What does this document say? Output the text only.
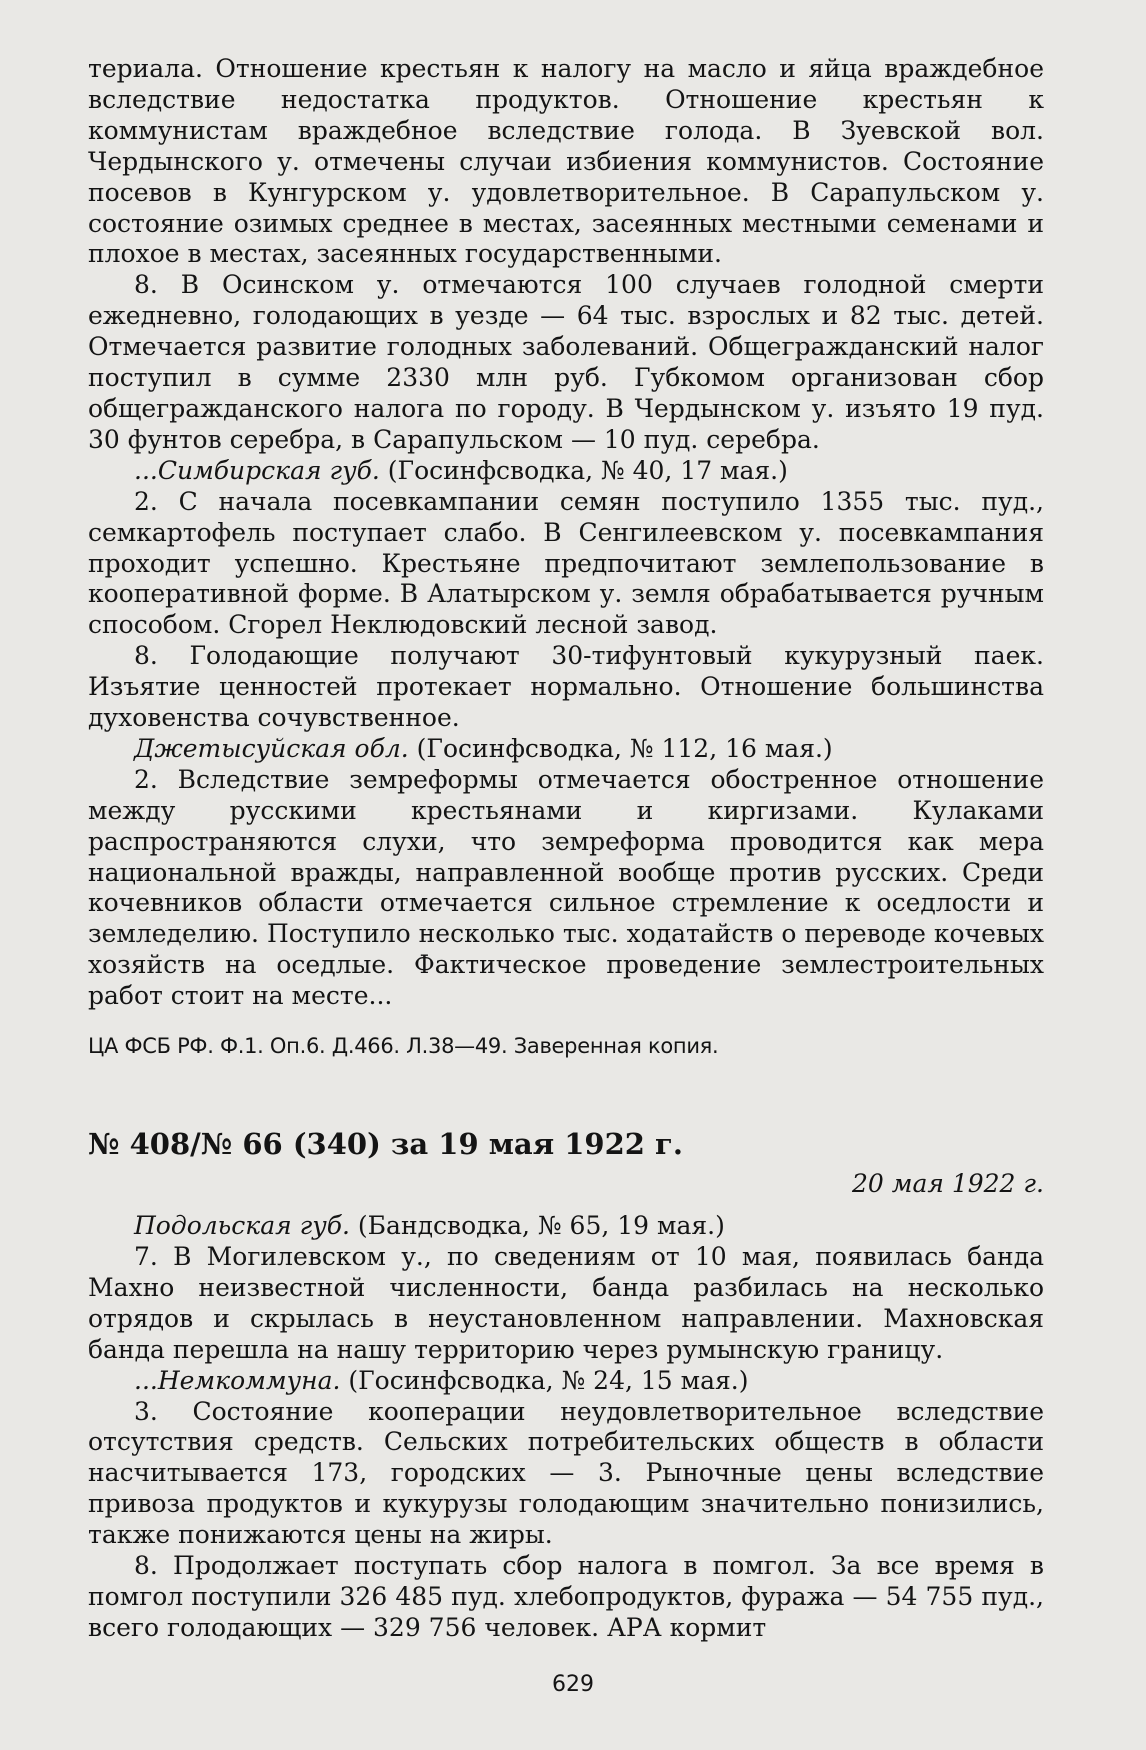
териала. Отношение крестьян к налогу на масло и яйца враждебное вследствие недостатка продуктов. Отношение крестьян к коммунистам враждебное вследствие голода. В Зуевской вол. Чердынского у. отмечены случаи избиения коммунистов. Состояние посевов в Кунгурском у. удовлетворительное. В Сарапульском у. состояние озимых среднее в местах, засеянных местными семенами и плохое в местах, засеянных государственными.

8. В Осинском у. отмечаются 100 случаев голодной смерти ежедневно, голодающих в уезде — 64 тыс. взрослых и 82 тыс. детей. Отмечается развитие голодных заболеваний. Общегражданский налог поступил в сумме 2330 млн руб. Губкомом организован сбор общегражданского налога по городу. В Чердынском у. изъято 19 пуд. 30 фунтов серебра, в Сарапульском — 10 пуд. серебра.

...Симбирская губ. (Госинфсводка, № 40, 17 мая.)

2. С начала посевкампании семян поступило 1355 тыс. пуд., семкартофель поступает слабо. В Сенгилеевском у. посевкампания проходит успешно. Крестьяне предпочитают землепользование в кооперативной форме. В Алатырском у. земля обрабатывается ручным способом. Сгорел Неклюдовский лесной завод.

8. Голодающие получают 30-тифунтовый кукурузный паек. Изъятие ценностей протекает нормально. Отношение большинства духовенства сочувственное.

Джетысуйская обл. (Госинфсводка, № 112, 16 мая.)

2. Вследствие земреформы отмечается обостренное отношение между русскими крестьянами и киргизами. Кулаками распространяются слухи, что земреформа проводится как мера национальной вражды, направленной вообще против русских. Среди кочевников области отмечается сильное стремление к оседлости и земледелию. Поступило несколько тыс. ходатайств о переводе кочевых хозяйств на оседлые. Фактическое проведение землестроительных работ стоит на месте...

ЦА ФСБ РФ. Ф.1. Оп.6. Д.466. Л.38—49. Заверенная копия.

№ 408/№ 66 (340) за 19 мая 1922 г.
20 мая 1922 г.

Подольская губ. (Бандсводка, № 65, 19 мая.)

7. В Могилевском у., по сведениям от 10 мая, появилась банда Махно неизвестной численности, банда разбилась на несколько отрядов и скрылась в неустановленном направлении. Махновская банда перешла на нашу территорию через румынскую границу.

...Немкоммуна. (Госинфсводка, № 24, 15 мая.)

3. Состояние кооперации неудовлетворительное вследствие отсутствия средств. Сельских потребительских обществ в области насчитывается 173, городских — 3. Рыночные цены вследствие привоза продуктов и кукурузы голодающим значительно понизились, также понижаются цены на жиры.

8. Продолжает поступать сбор налога в помгол. За все время в помгол поступили 326 485 пуд. хлебопродуктов, фуража — 54 755 пуд., всего голодающих — 329 756 человек. АРА кормит

629
